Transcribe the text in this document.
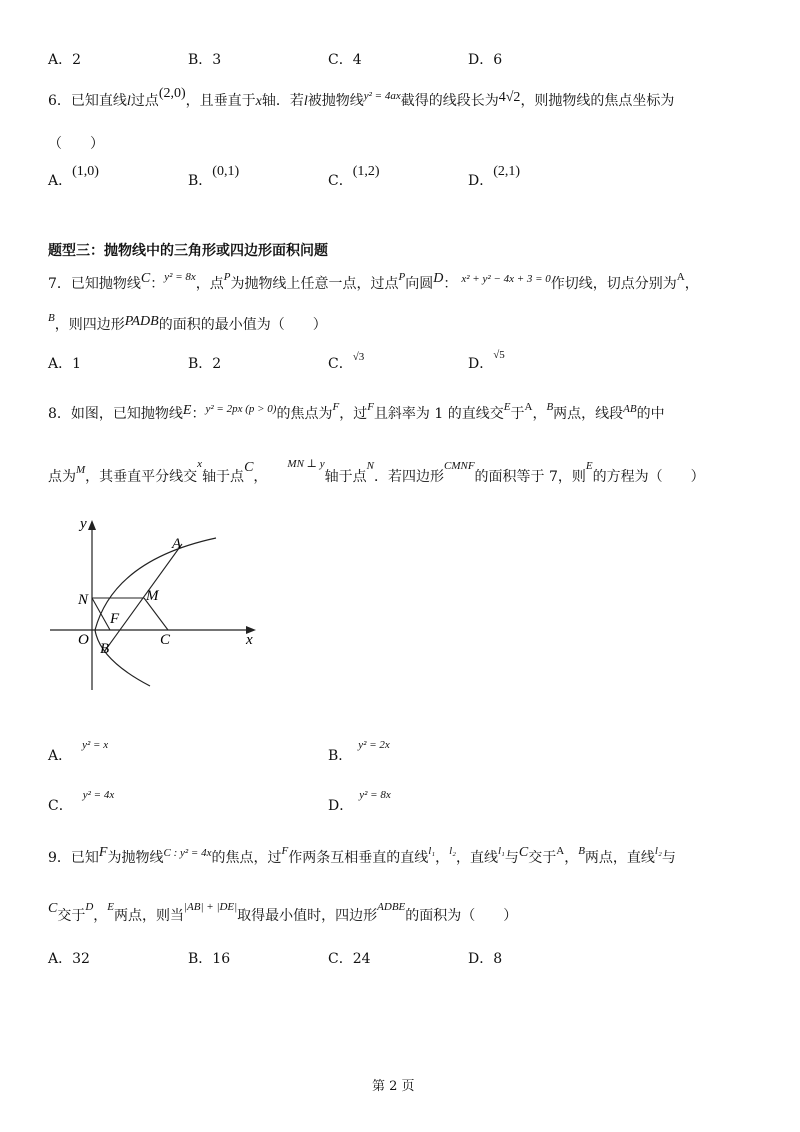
A．2	B．3	C．4	D．6
6．已知直线l过点(2,0)，且垂直于x轴．若l被抛物线$^{y^2 = 4ax}$截得的线段长为4√2，则抛物线的焦点坐标为
（　　）
A．(1,0)
B．(0,1)
C．(1,2)
D．(2,1)
题型三：抛物线中的三角形或四边形面积问题
7．已知抛物线C：$^{y^2 = 8x}$，点$^P$为抛物线上任意一点，过点$^P$向圆D： $^{x^2 + y^2 - 4x + 3 = 0}$作切线，切点分别为$^A$，
$^B$，则四边形PADB的面积的最小值为（　　）
A．1	B．2	C．$^{√3}$	D．$^{√5}$
8．如图，已知抛物线E：$^{y^2 = 2px (p > 0)}$的焦点为$^F$，过$^F$且斜率为 1 的直线交$^E$于$^A$，$^B$两点，线段$^{AB}$的中
点为$^M$，其垂直平分线交$^x$轴于点C，$^{MN \perp y}$轴于点$^N$．若四边形$^{CMNF}$的面积等于 7，则$^E$的方程为（　　）
y
x
A
N	M
F
O
B
C
A．$^{y^2 = x}$
B．$^{y^2 = 2x}$
C．$^{y^2 = 4x}$
D．$^{y^2 = 8x}$
9．已知F为抛物线$^{C : y^2 = 4x}$的焦点，过$^F$作两条互相垂直的直线$^{l_1}$，$^{l_2}$，直线$^{l_1}$与C交于$^A$，$^B$两点，直线$^{l_2}$与
C交于$^D$，$^E$两点，则当$^{|AB| + |DE|}$取得最小值时，四边形$^{ADBE}$的面积为（　　）
A．32	B．16	C．24	D．8
第 2 页
